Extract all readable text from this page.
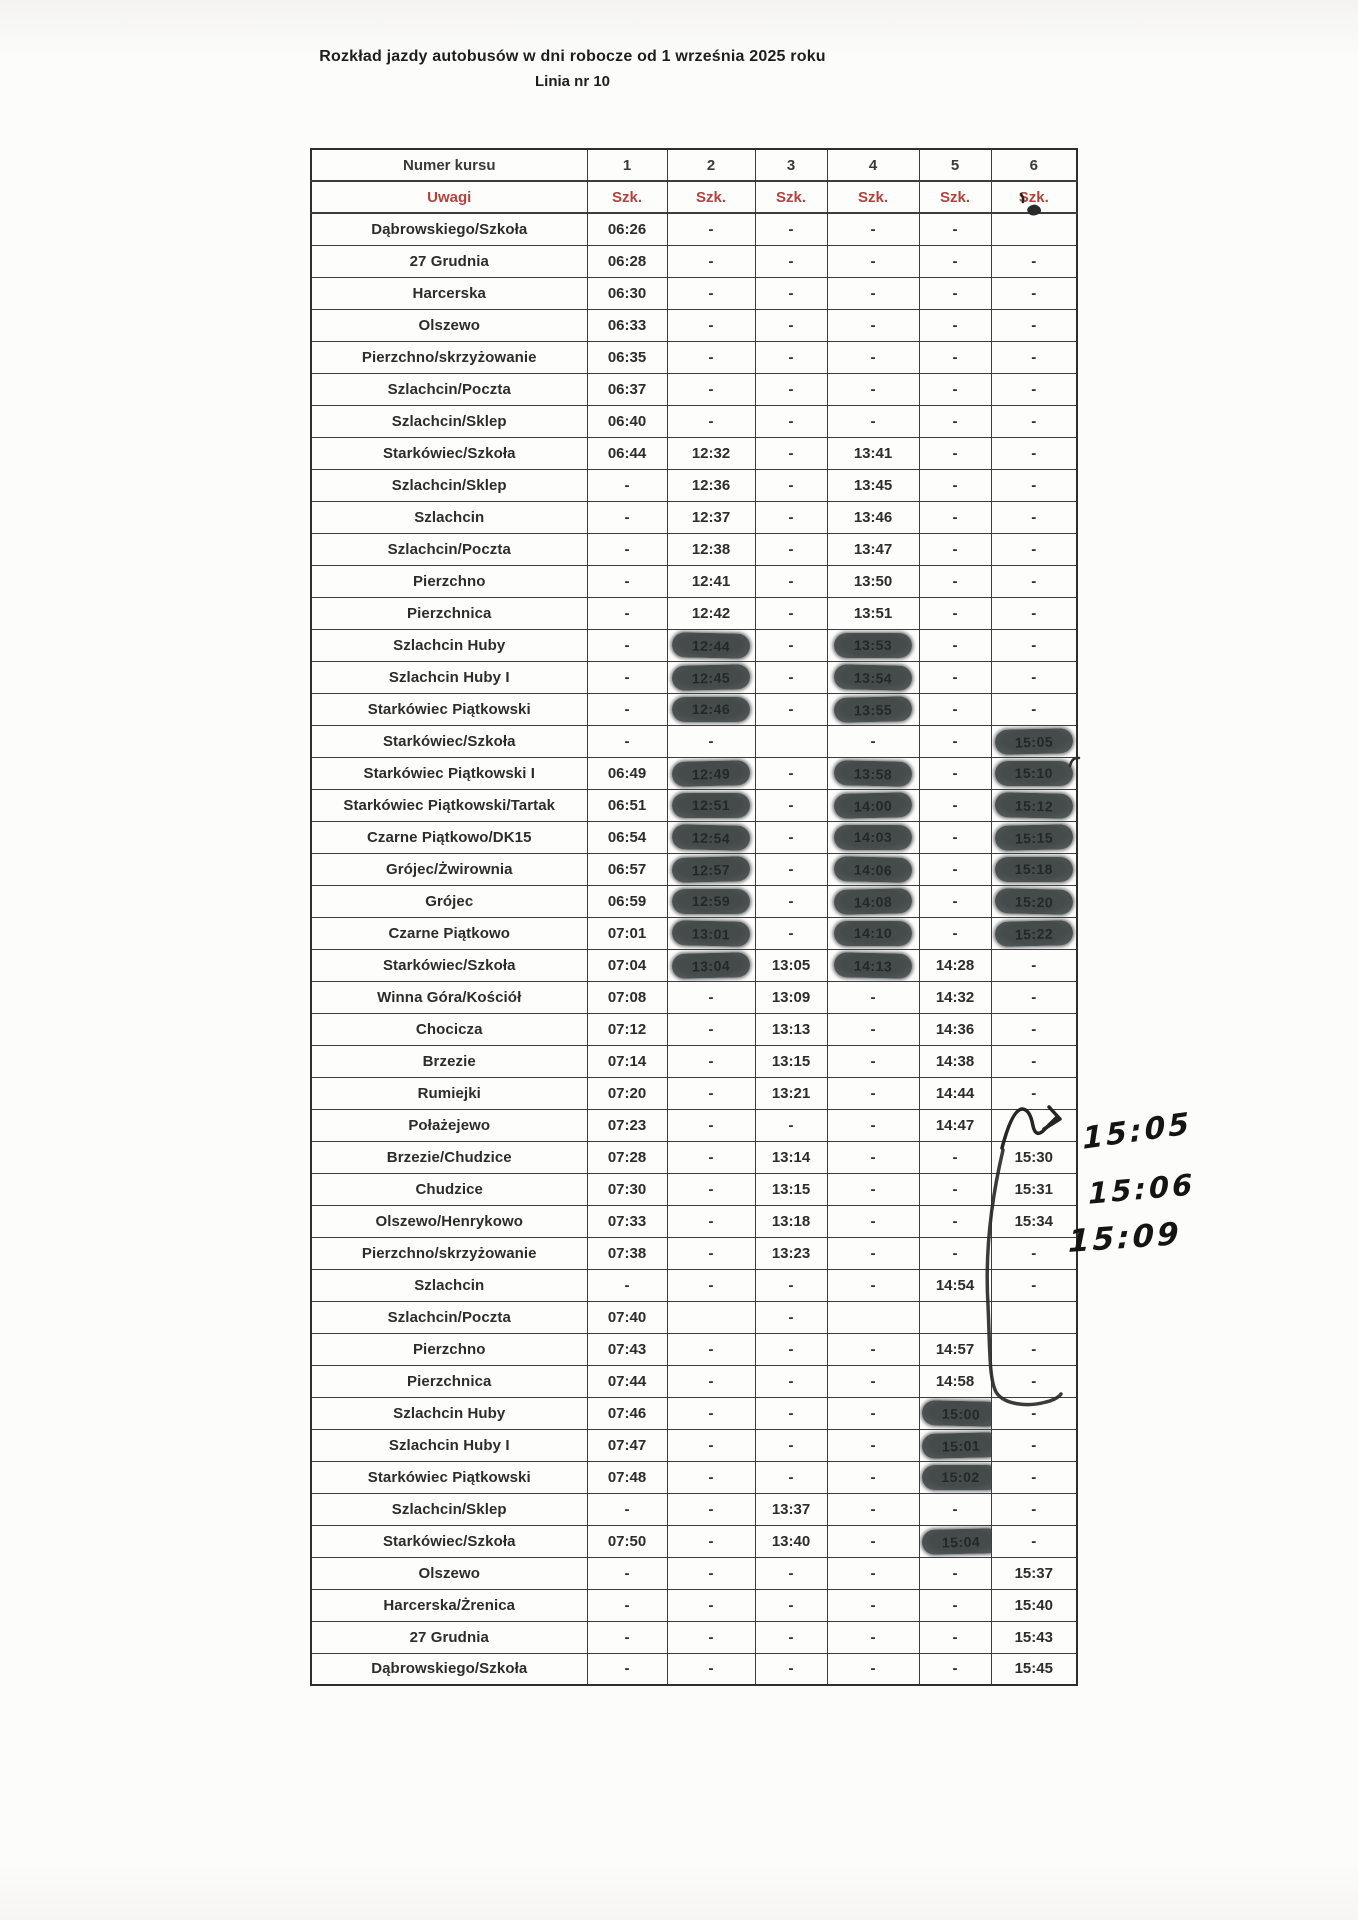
Rozkład jazdy autobusów w dni robocze od 1 września 2025 roku
Linia nr 10
Numer kursu	1	2	3	4	5	6
Uwagi	Szk.	Szk.	Szk.	Szk.	Szk.	Szk.
Dąbrowskiego/Szkoła	06:26	-	-	-	-	
27 Grudnia	06:28	-	-	-	-	-
Harcerska	06:30	-	-	-	-	-
Olszewo	06:33	-	-	-	-	-
Pierzchno/skrzyżowanie	06:35	-	-	-	-	-
Szlachcin/Poczta	06:37	-	-	-	-	-
Szlachcin/Sklep	06:40	-	-	-	-	-
Starkówiec/Szkoła	06:44	12:32	-	13:41	-	-
Szlachcin/Sklep	-	12:36	-	13:45	-	-
Szlachcin	-	12:37	-	13:46	-	-
Szlachcin/Poczta	-	12:38	-	13:47	-	-
Pierzchno	-	12:41	-	13:50	-	-
Pierzchnica	-	12:42	-	13:51	-	-
Szlachcin Huby	-	12:44	-	13:53	-	-
Szlachcin Huby I	-	12:45	-	13:54	-	-
Starkówiec Piątkowski	-	12:46	-	13:55	-	-
Starkówiec/Szkoła	-	-		-	-	15:05
Starkówiec Piątkowski I	06:49	12:49	-	13:58	-	15:10
Starkówiec Piątkowski/Tartak	06:51	12:51	-	14:00	-	15:12
Czarne Piątkowo/DK15	06:54	12:54	-	14:03	-	15:15
Grójec/Żwirownia	06:57	12:57	-	14:06	-	15:18
Grójec	06:59	12:59	-	14:08	-	15:20
Czarne Piątkowo	07:01	13:01	-	14:10	-	15:22
Starkówiec/Szkoła	07:04	13:04	13:05	14:13	14:28	-
Winna Góra/Kościół	07:08	-	13:09	-	14:32	-
Chocicza	07:12	-	13:13	-	14:36	-
Brzezie	07:14	-	13:15	-	14:38	-
Rumiejki	07:20	-	13:21	-	14:44	-
Połażejewo	07:23	-	-	-	14:47	
Brzezie/Chudzice	07:28	-	13:14	-	-	15:30
Chudzice	07:30	-	13:15	-	-	15:31
Olszewo/Henrykowo	07:33	-	13:18	-	-	15:34
Pierzchno/skrzyżowanie	07:38	-	13:23	-	-	-
Szlachcin	-	-	-	-	14:54	-
Szlachcin/Poczta	07:40		-			
Pierzchno	07:43	-	-	-	14:57	-
Pierzchnica	07:44	-	-	-	14:58	-
Szlachcin Huby	07:46	-	-	-	15:00	-
Szlachcin Huby I	07:47	-	-	-	15:01	-
Starkówiec Piątkowski	07:48	-	-	-	15:02	-
Szlachcin/Sklep	-	-	13:37	-	-	-
Starkówiec/Szkoła	07:50	-	13:40	-	15:04	-
Olszewo	-	-	-	-	-	15:37
Harcerska/Żrenica	-	-	-	-	-	15:40
27 Grudnia	-	-	-	-	-	15:43
Dąbrowskiego/Szkoła	-	-	-	-	-	15:45
15:05
15:06
15:09
